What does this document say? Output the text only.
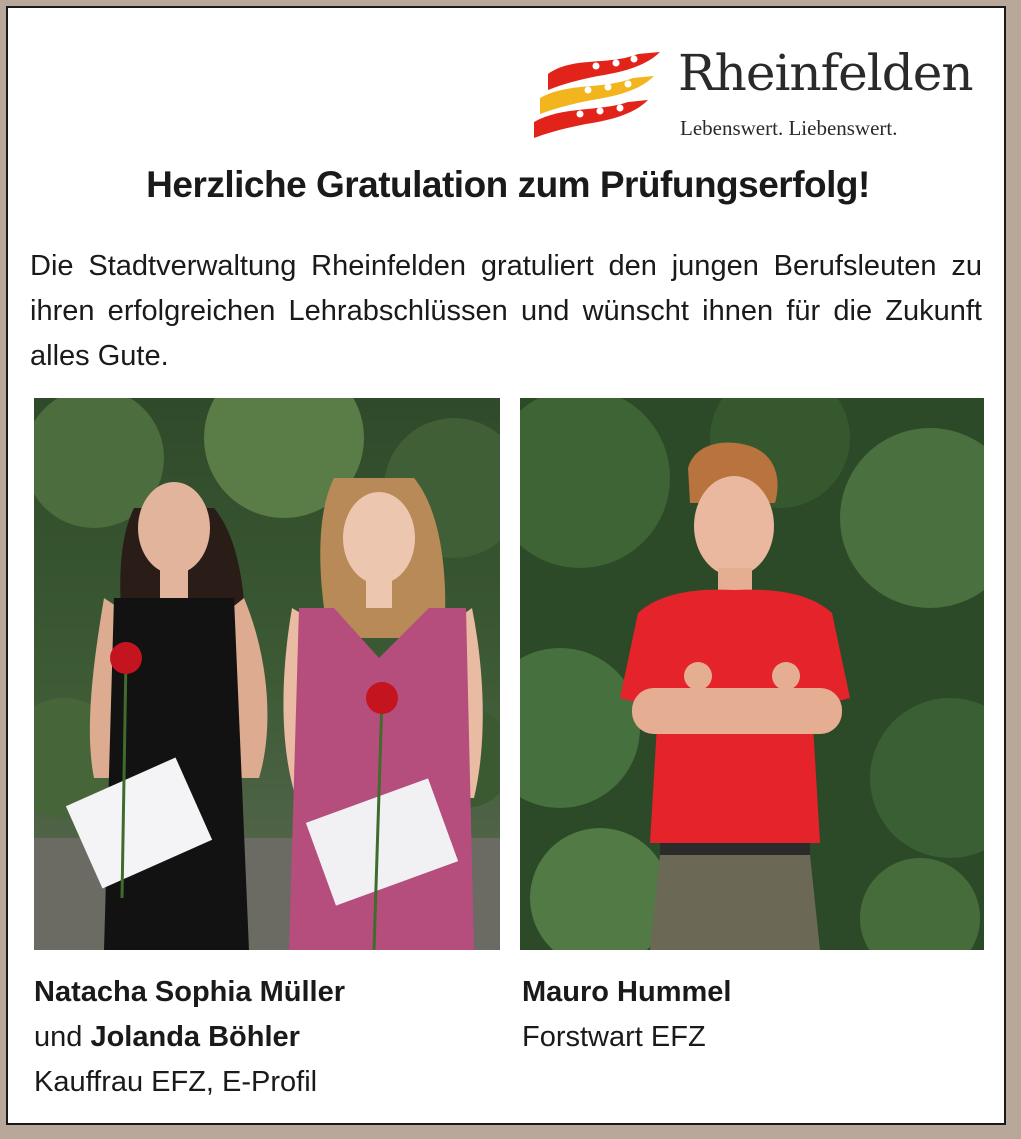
Rheinfelden
Lebenswert. Liebenswert.
Herzliche Gratulation zum Prüfungserfolg!

Die Stadtverwaltung Rheinfelden gratuliert den jungen Berufsleuten zu ihren erfolgreichen Lehrabschlüssen und wünscht ihnen für die Zukunft alles Gute.

Natacha Sophia Müller
und Jolanda Böhler
Kauffrau EFZ, E-Profil
Mauro Hummel
Forstwart EFZ
